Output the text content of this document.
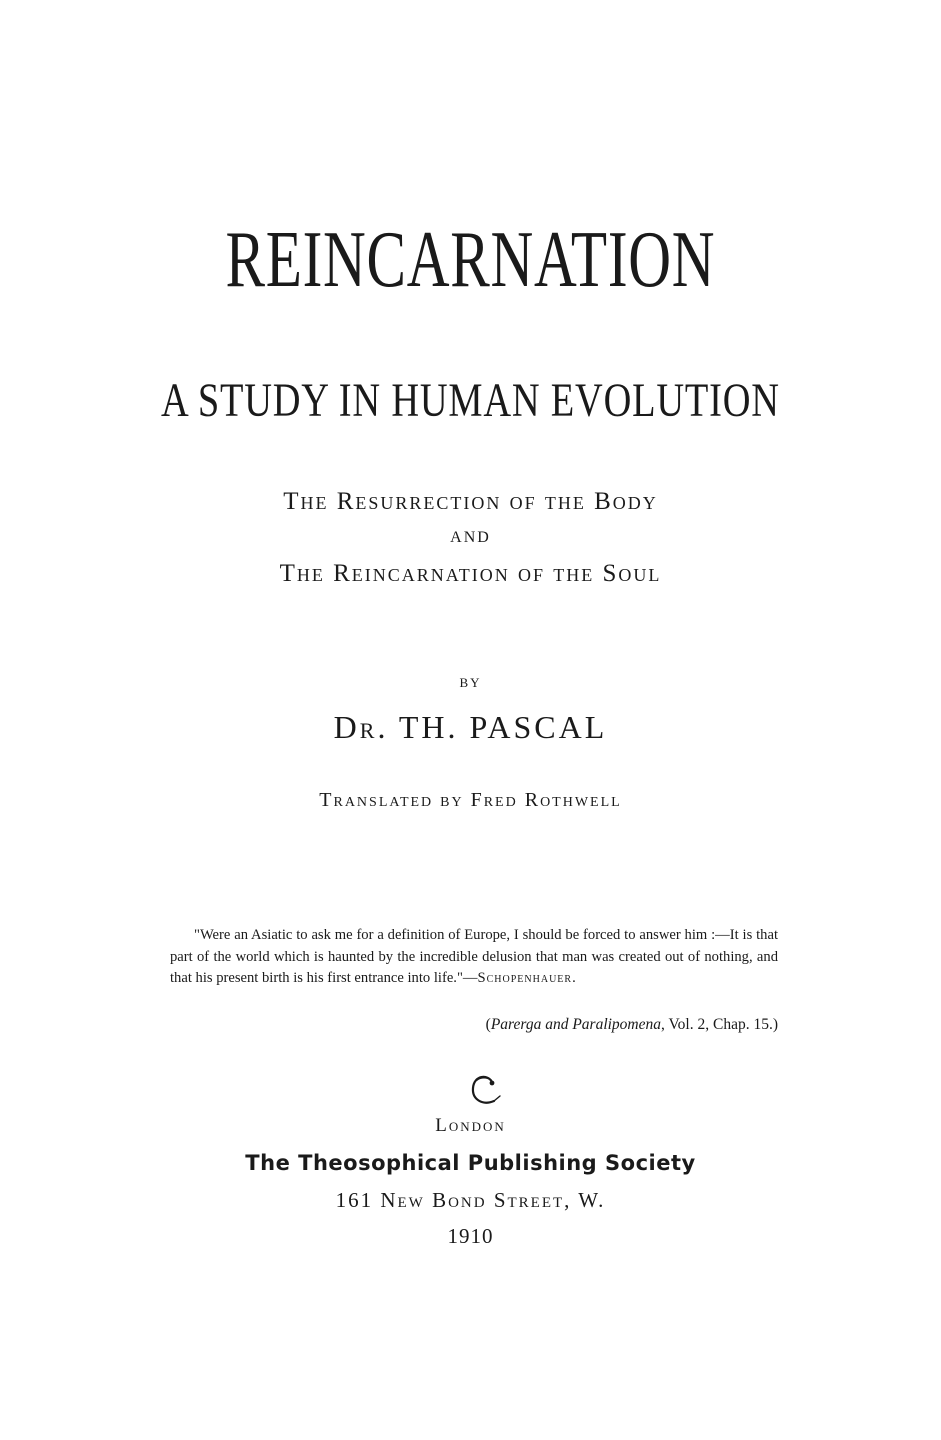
REINCARNATION
A STUDY IN HUMAN EVOLUTION
The Resurrection of the Body
AND
The Reincarnation of the Soul
BY
Dr. TH. PASCAL
Translated by Fred Rothwell
"Were an Asiatic to ask me for a definition of Europe, I should be forced to answer him :—It is that part of the world which is haunted by the incredible delusion that man was created out of nothing, and that his present birth is his first entrance into life."—Schopenhauer.
(Parerga and Paralipomena, Vol. 2, Chap. 15.)
London
The Theosophical Publishing Society
161 New Bond Street, W.
1910
